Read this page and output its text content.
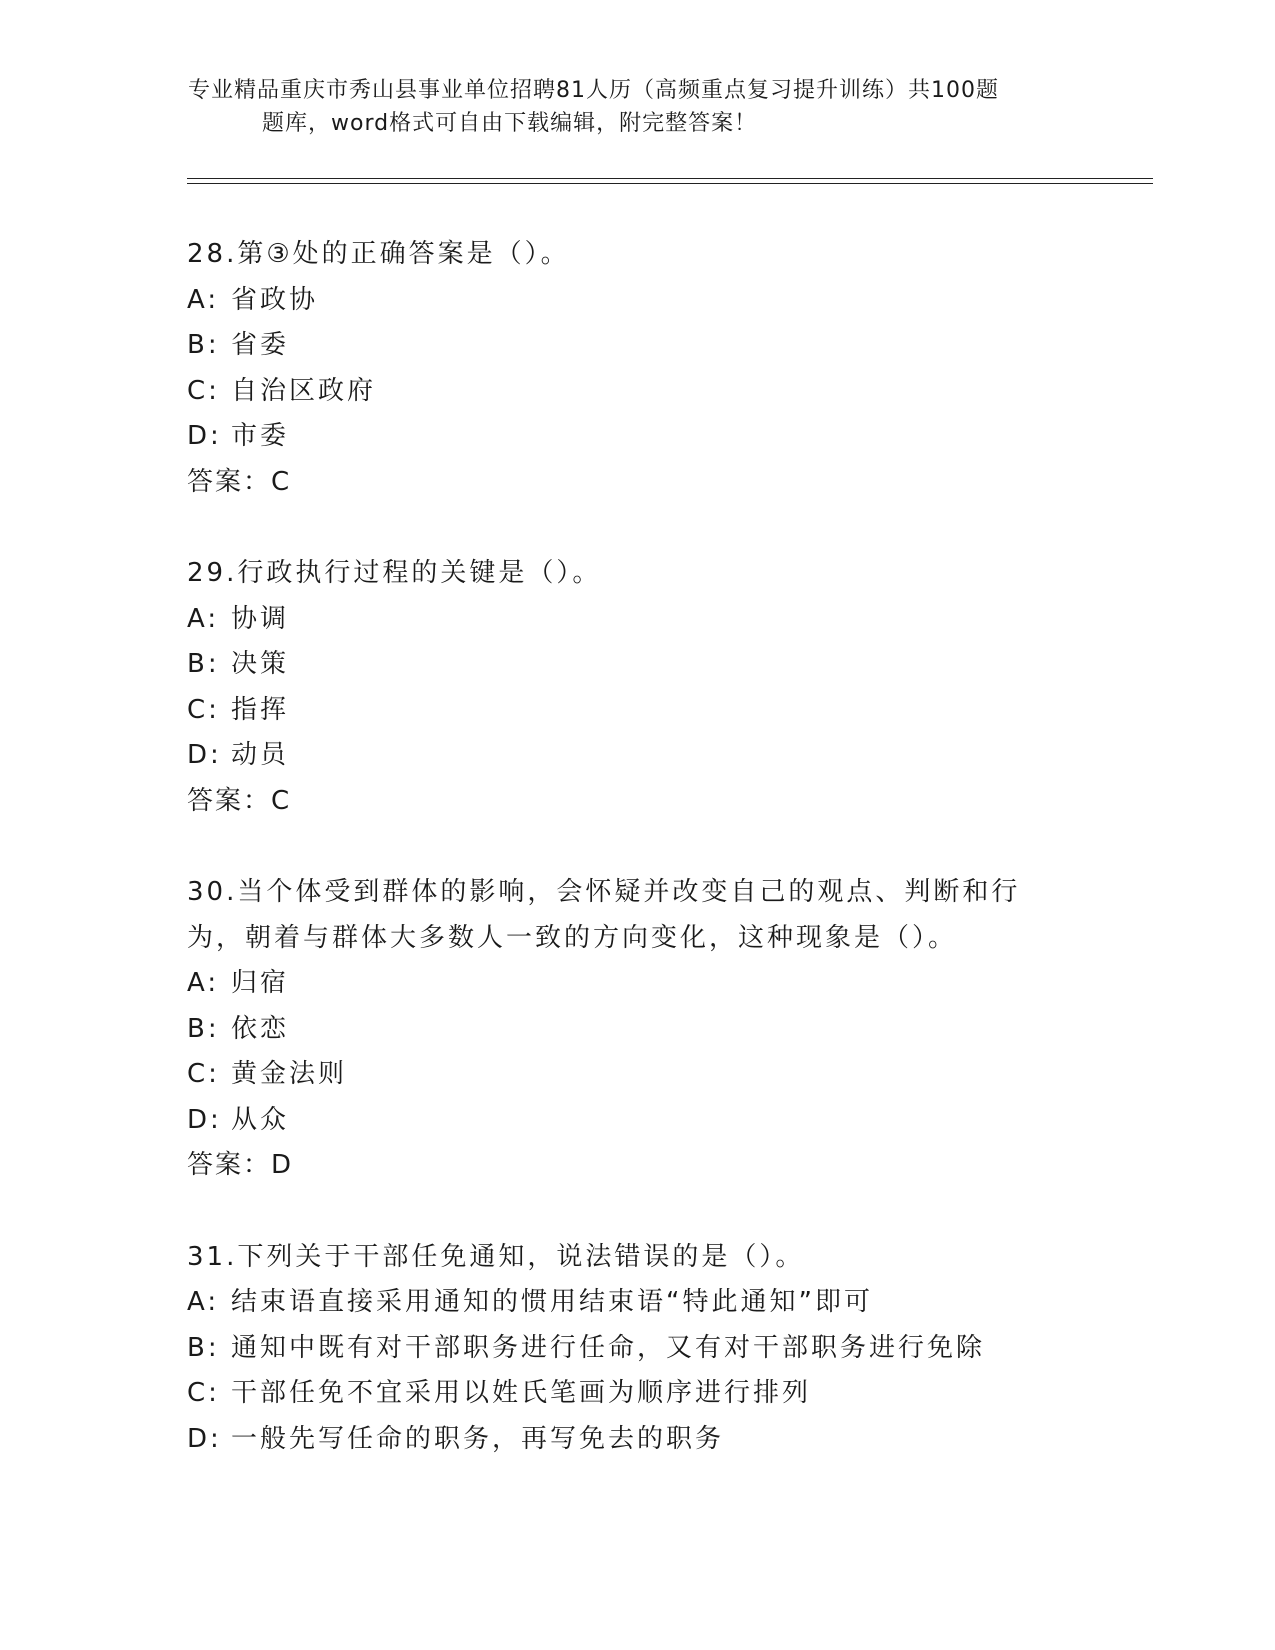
专业精品重庆市秀山县事业单位招聘81人历（高频重点复习提升训练）共100题
题库，word格式可自由下载编辑，附完整答案！
28.第③处的正确答案是（）。
A: 省政协
B: 省委
C: 自治区政府
D: 市委
答案：C
29.行政执行过程的关键是（）。
A: 协调
B: 决策
C: 指挥
D: 动员
答案：C
30.当个体受到群体的影响，会怀疑并改变自己的观点、判断和行为，朝着与群体大多数人一致的方向变化，这种现象是（）。
A: 归宿
B: 依恋
C: 黄金法则
D: 从众
答案：D
31.下列关于干部任免通知，说法错误的是（）。
A: 结束语直接采用通知的惯用结束语“特此通知”即可
B: 通知中既有对干部职务进行任命，又有对干部职务进行免除
C: 干部任免不宜采用以姓氏笔画为顺序进行排列
D: 一般先写任命的职务，再写免去的职务
